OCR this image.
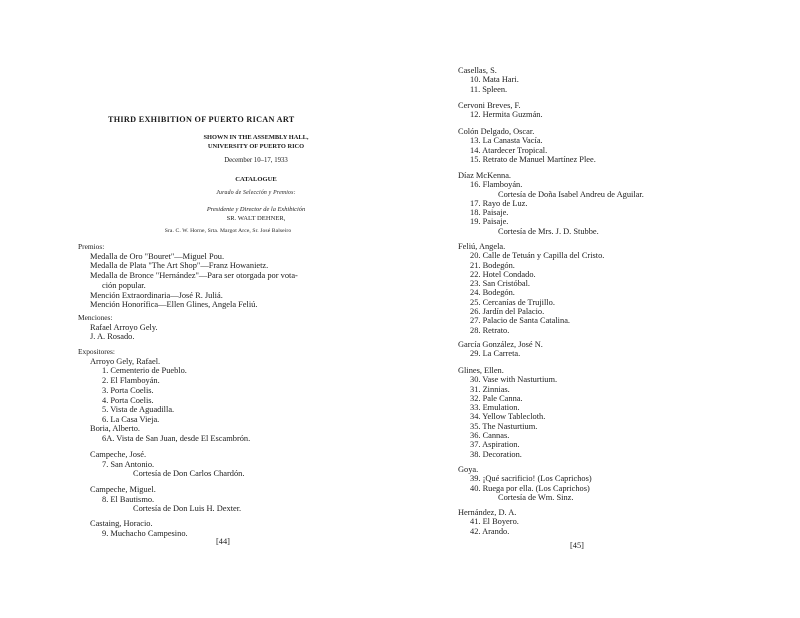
THIRD EXHIBITION OF PUERTO RICAN ART
SHOWN IN THE ASSEMBLY HALL,
UNIVERSITY OF PUERTO RICO
December 10–17, 1933
CATALOGUE
Jurado de Selección y Premios:
Presidente y Director de la Exhibición
SR. WALT DEHNER,
Sra. C. W. Horne, Srta. Margot Arce, Sr. José Balseiro
Premios:
Medalla de Oro "Bouret"—Miguel Pou.
Medalla de Plata "The Art Shop"—Franz Howanietz.
Medalla de Bronce "Hernández"—Para ser otorgada por vota-
ción popular.
Mención Extraordinaria—José R. Juliá.
Mención Honorífica—Ellen Glines, Angela Feliú.
Menciones:
Rafael Arroyo Gely.
J. A. Rosado.
Expositores:
Arroyo Gely, Rafael.
1. Cementerio de Pueblo.
2. El Flamboyán.
3. Porta Coelis.
4. Porta Coelis.
5. Vista de Aguadilla.
6. La Casa Vieja.
Boria, Alberto.
6A. Vista de San Juan, desde El Escambrón.
Campeche, José.
7. San Antonio.
Cortesía de Don Carlos Chardón.
Campeche, Miguel.
8. El Bautismo.
Cortesía de Don Luis H. Dexter.
Castaing, Horacio.
9. Muchacho Campesino.
[44]
Casellas, S.
10. Mata Hari.
11. Spleen.
Cervoni Breves, F.
12. Hermita Guzmán.
Colón Delgado, Oscar.
13. La Canasta Vacía.
14. Atardecer Tropical.
15. Retrato de Manuel Martínez Plee.
Díaz McKenna.
16. Flamboyán.
Cortesía de Doña Isabel Andreu de Aguilar.
17. Rayo de Luz.
18. Paisaje.
19. Paisaje.
Cortesía de Mrs. J. D. Stubbe.
Feliú, Angela.
20. Calle de Tetuán y Capilla del Cristo.
21. Bodegón.
22. Hotel Condado.
23. San Cristóbal.
24. Bodegón.
25. Cercanías de Trujillo.
26. Jardín del Palacio.
27. Palacio de Santa Catalina.
28. Retrato.
García González, José N.
29. La Carreta.
Glines, Ellen.
30. Vase with Nasturtium.
31. Zinnias.
32. Pale Canna.
33. Emulation.
34. Yellow Tablecloth.
35. The Nasturtium.
36. Cannas.
37. Aspiration.
38. Decoration.
Goya.
39. ¡Qué sacrificio! (Los Caprichos)
40. Ruega por ella. (Los Caprichos)
Cortesía de Wm. Sinz.
Hernández, D. A.
41. El Boyero.
42. Arando.
[45]
